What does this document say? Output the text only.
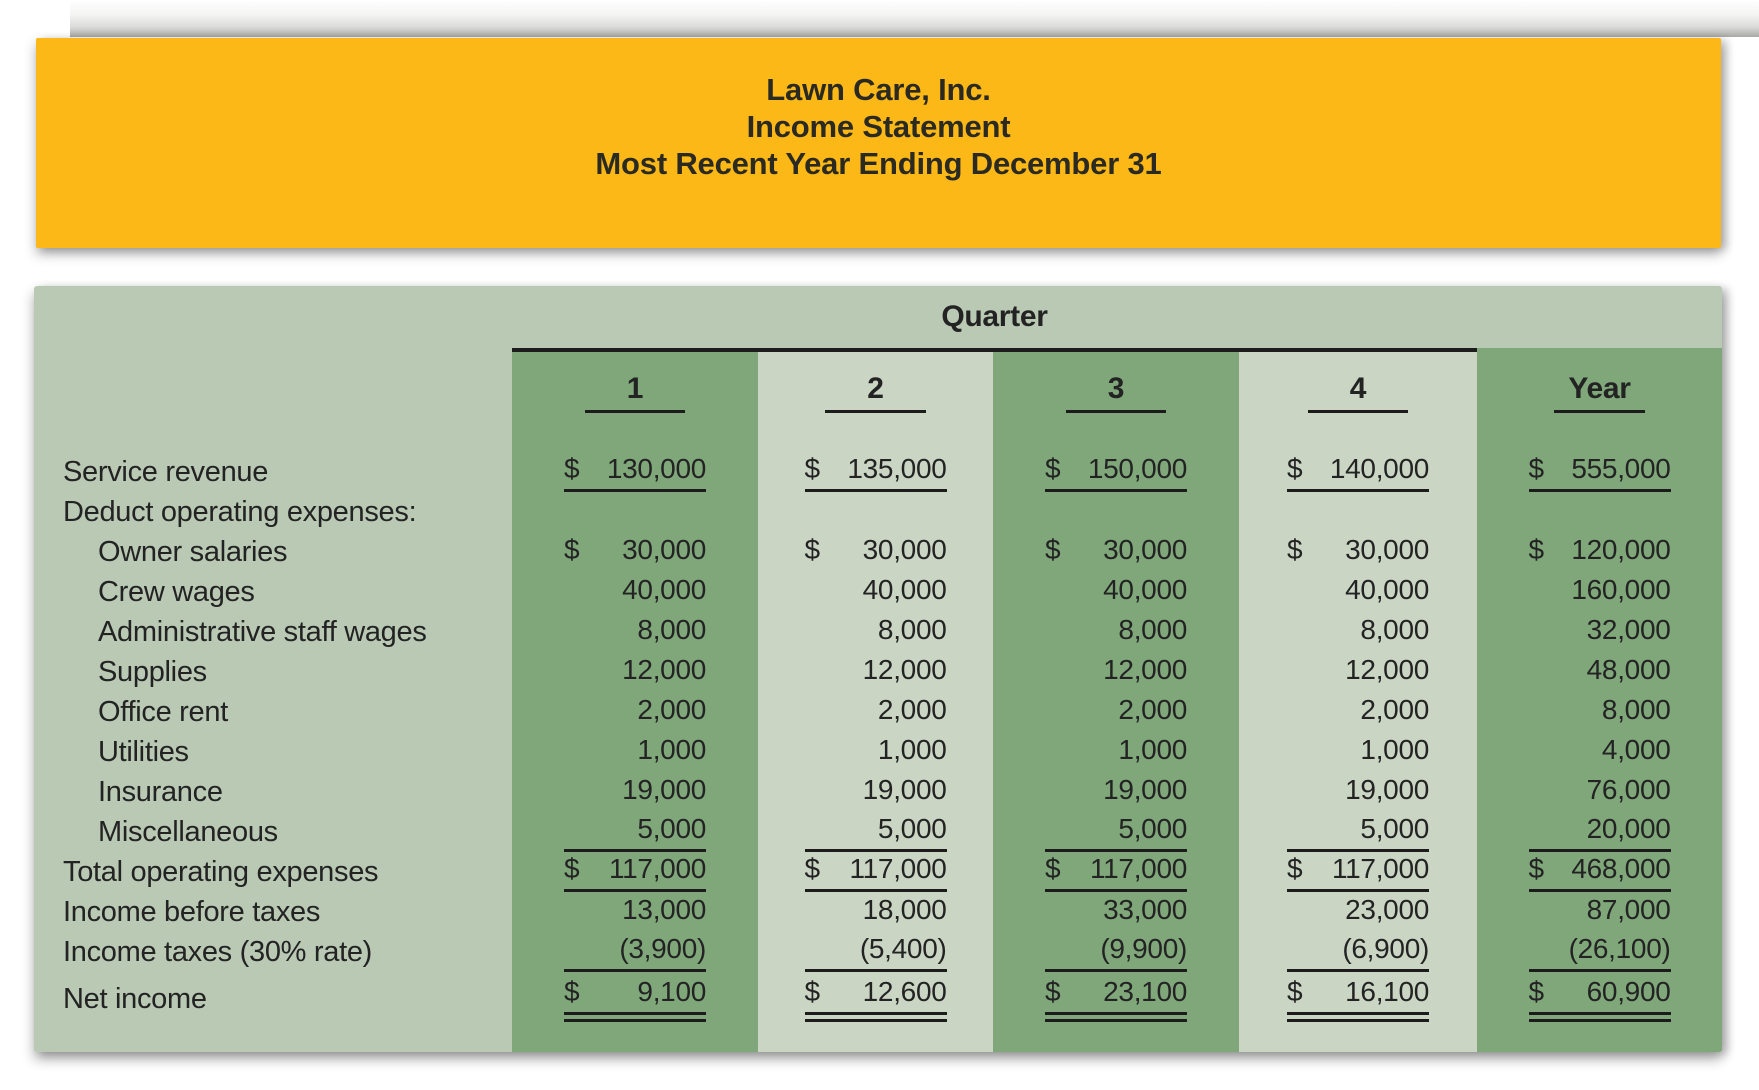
Lawn Care, Inc.
Income Statement
Most Recent Year Ending December 31
Quarter
1	2	3	4	Year
Service revenue	$ 130,000	$ 135,000	$ 150,000	$ 140,000	$ 555,000
Deduct operating expenses:
Owner salaries	$ 30,000	$ 30,000	$ 30,000	$ 30,000	$ 120,000
Crew wages	40,000	40,000	40,000	40,000	160,000
Administrative staff wages	8,000	8,000	8,000	8,000	32,000
Supplies	12,000	12,000	12,000	12,000	48,000
Office rent	2,000	2,000	2,000	2,000	8,000
Utilities	1,000	1,000	1,000	1,000	4,000
Insurance	19,000	19,000	19,000	19,000	76,000
Miscellaneous	5,000	5,000	5,000	5,000	20,000
Total operating expenses	$ 117,000	$ 117,000	$ 117,000	$ 117,000	$ 468,000
Income before taxes	13,000	18,000	33,000	23,000	87,000
Income taxes (30% rate)	(3,900)	(5,400)	(9,900)	(6,900)	(26,100)
Net income	$ 9,100	$ 12,600	$ 23,100	$ 16,100	$ 60,900
